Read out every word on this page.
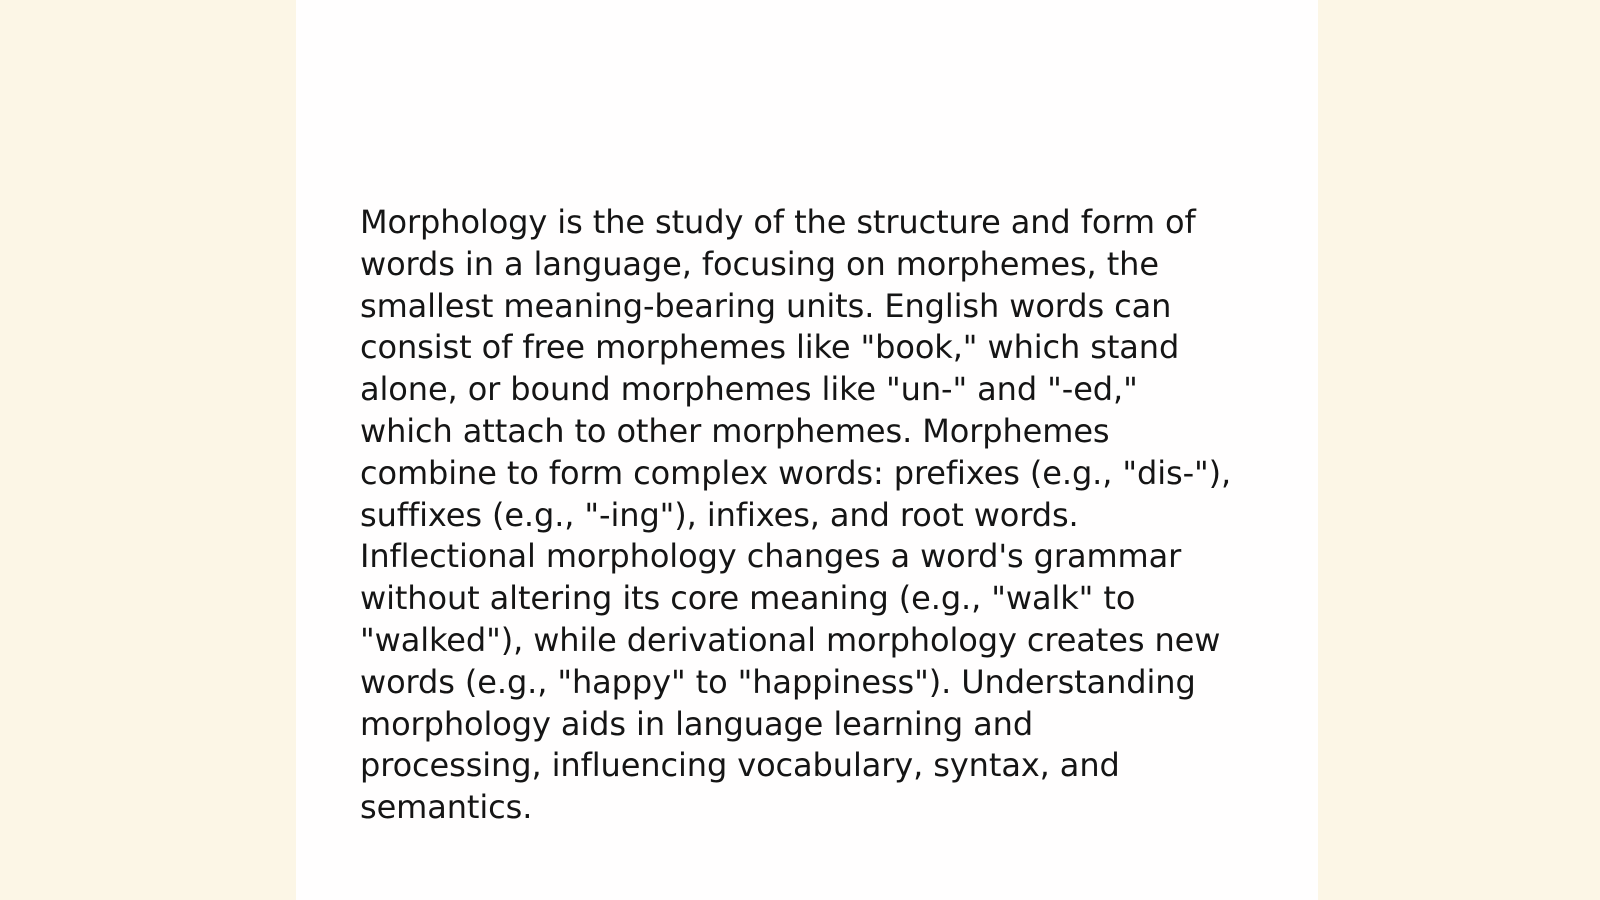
Morphology is the study of the structure and form of
words in a language, focusing on morphemes, the
smallest meaning-bearing units. English words can
consist of free morphemes like "book," which stand
alone, or bound morphemes like "un-" and "-ed,"
which attach to other morphemes. Morphemes
combine to form complex words: prefixes (e.g., "dis-"),
suffixes (e.g., "-ing"), infixes, and root words.
Inflectional morphology changes a word's grammar
without altering its core meaning (e.g., "walk" to
"walked"), while derivational morphology creates new
words (e.g., "happy" to "happiness"). Understanding
morphology aids in language learning and
processing, influencing vocabulary, syntax, and
semantics.
